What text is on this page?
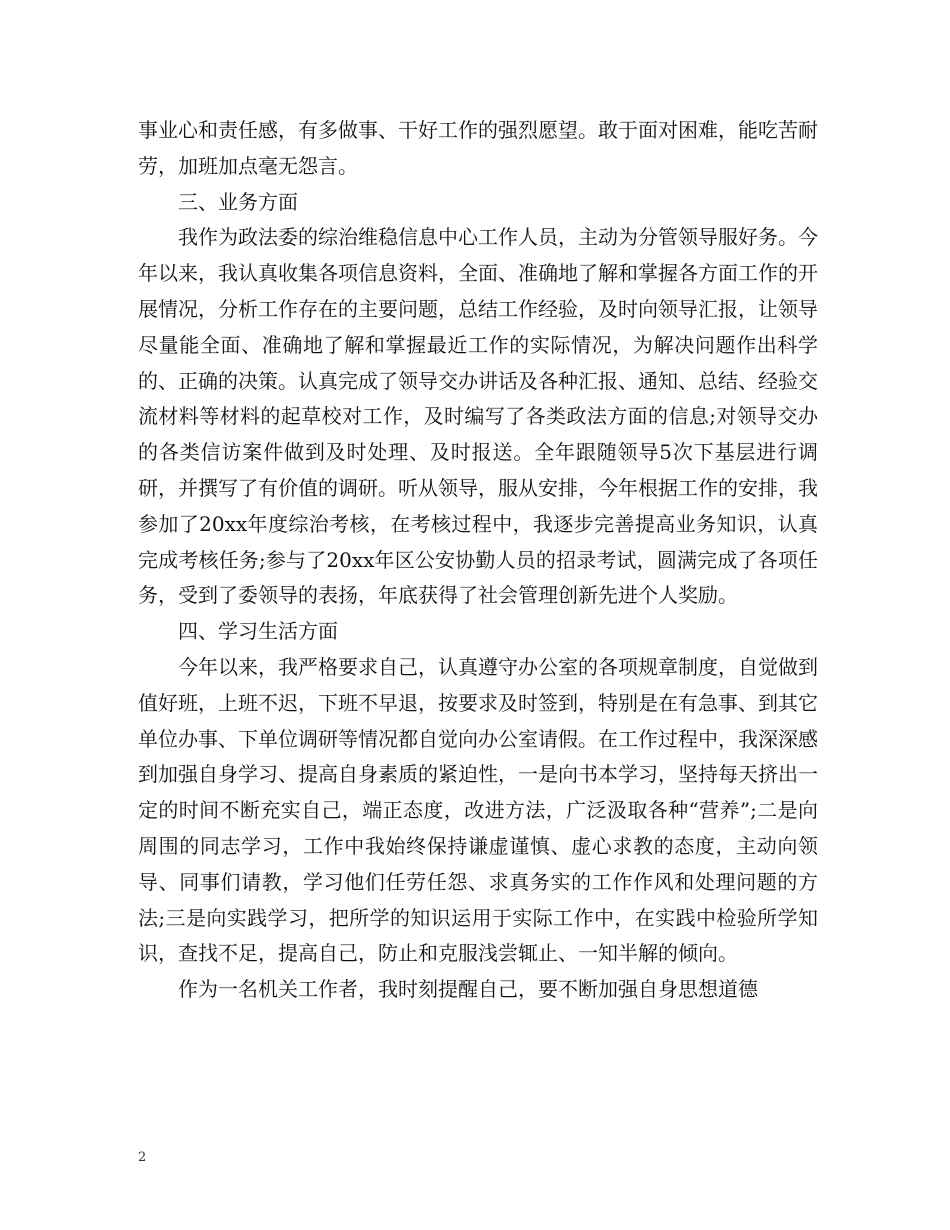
事业心和责任感，有多做事、干好工作的强烈愿望。敢于面对困难，能吃苦耐劳，加班加点毫无怨言。

三、业务方面

我作为政法委的综治维稳信息中心工作人员，主动为分管领导服好务。今年以来，我认真收集各项信息资料，全面、准确地了解和掌握各方面工作的开展情况，分析工作存在的主要问题，总结工作经验，及时向领导汇报，让领导尽量能全面、准确地了解和掌握最近工作的实际情况，为解决问题作出科学的、正确的决策。认真完成了领导交办讲话及各种汇报、通知、总结、经验交流材料等材料的起草校对工作，及时编写了各类政法方面的信息;对领导交办的各类信访案件做到及时处理、及时报送。全年跟随领导5次下基层进行调研，并撰写了有价值的调研。听从领导，服从安排，今年根据工作的安排，我参加了20xx年度综治考核，在考核过程中，我逐步完善提高业务知识，认真完成考核任务;参与了20xx年区公安协勤人员的招录考试，圆满完成了各项任务，受到了委领导的表扬，年底获得了社会管理创新先进个人奖励。

四、学习生活方面

今年以来，我严格要求自己，认真遵守办公室的各项规章制度，自觉做到值好班，上班不迟，下班不早退，按要求及时签到，特别是在有急事、到其它单位办事、下单位调研等情况都自觉向办公室请假。在工作过程中，我深深感到加强自身学习、提高自身素质的紧迫性，一是向书本学习，坚持每天挤出一定的时间不断充实自己，端正态度，改进方法，广泛汲取各种“营养”;二是向周围的同志学习，工作中我始终保持谦虚谨慎、虚心求教的态度，主动向领导、同事们请教，学习他们任劳任怨、求真务实的工作作风和处理问题的方法;三是向实践学习，把所学的知识运用于实际工作中，在实践中检验所学知识，查找不足，提高自己，防止和克服浅尝辄止、一知半解的倾向。

作为一名机关工作者，我时刻提醒自己，要不断加强自身思想道德

2
